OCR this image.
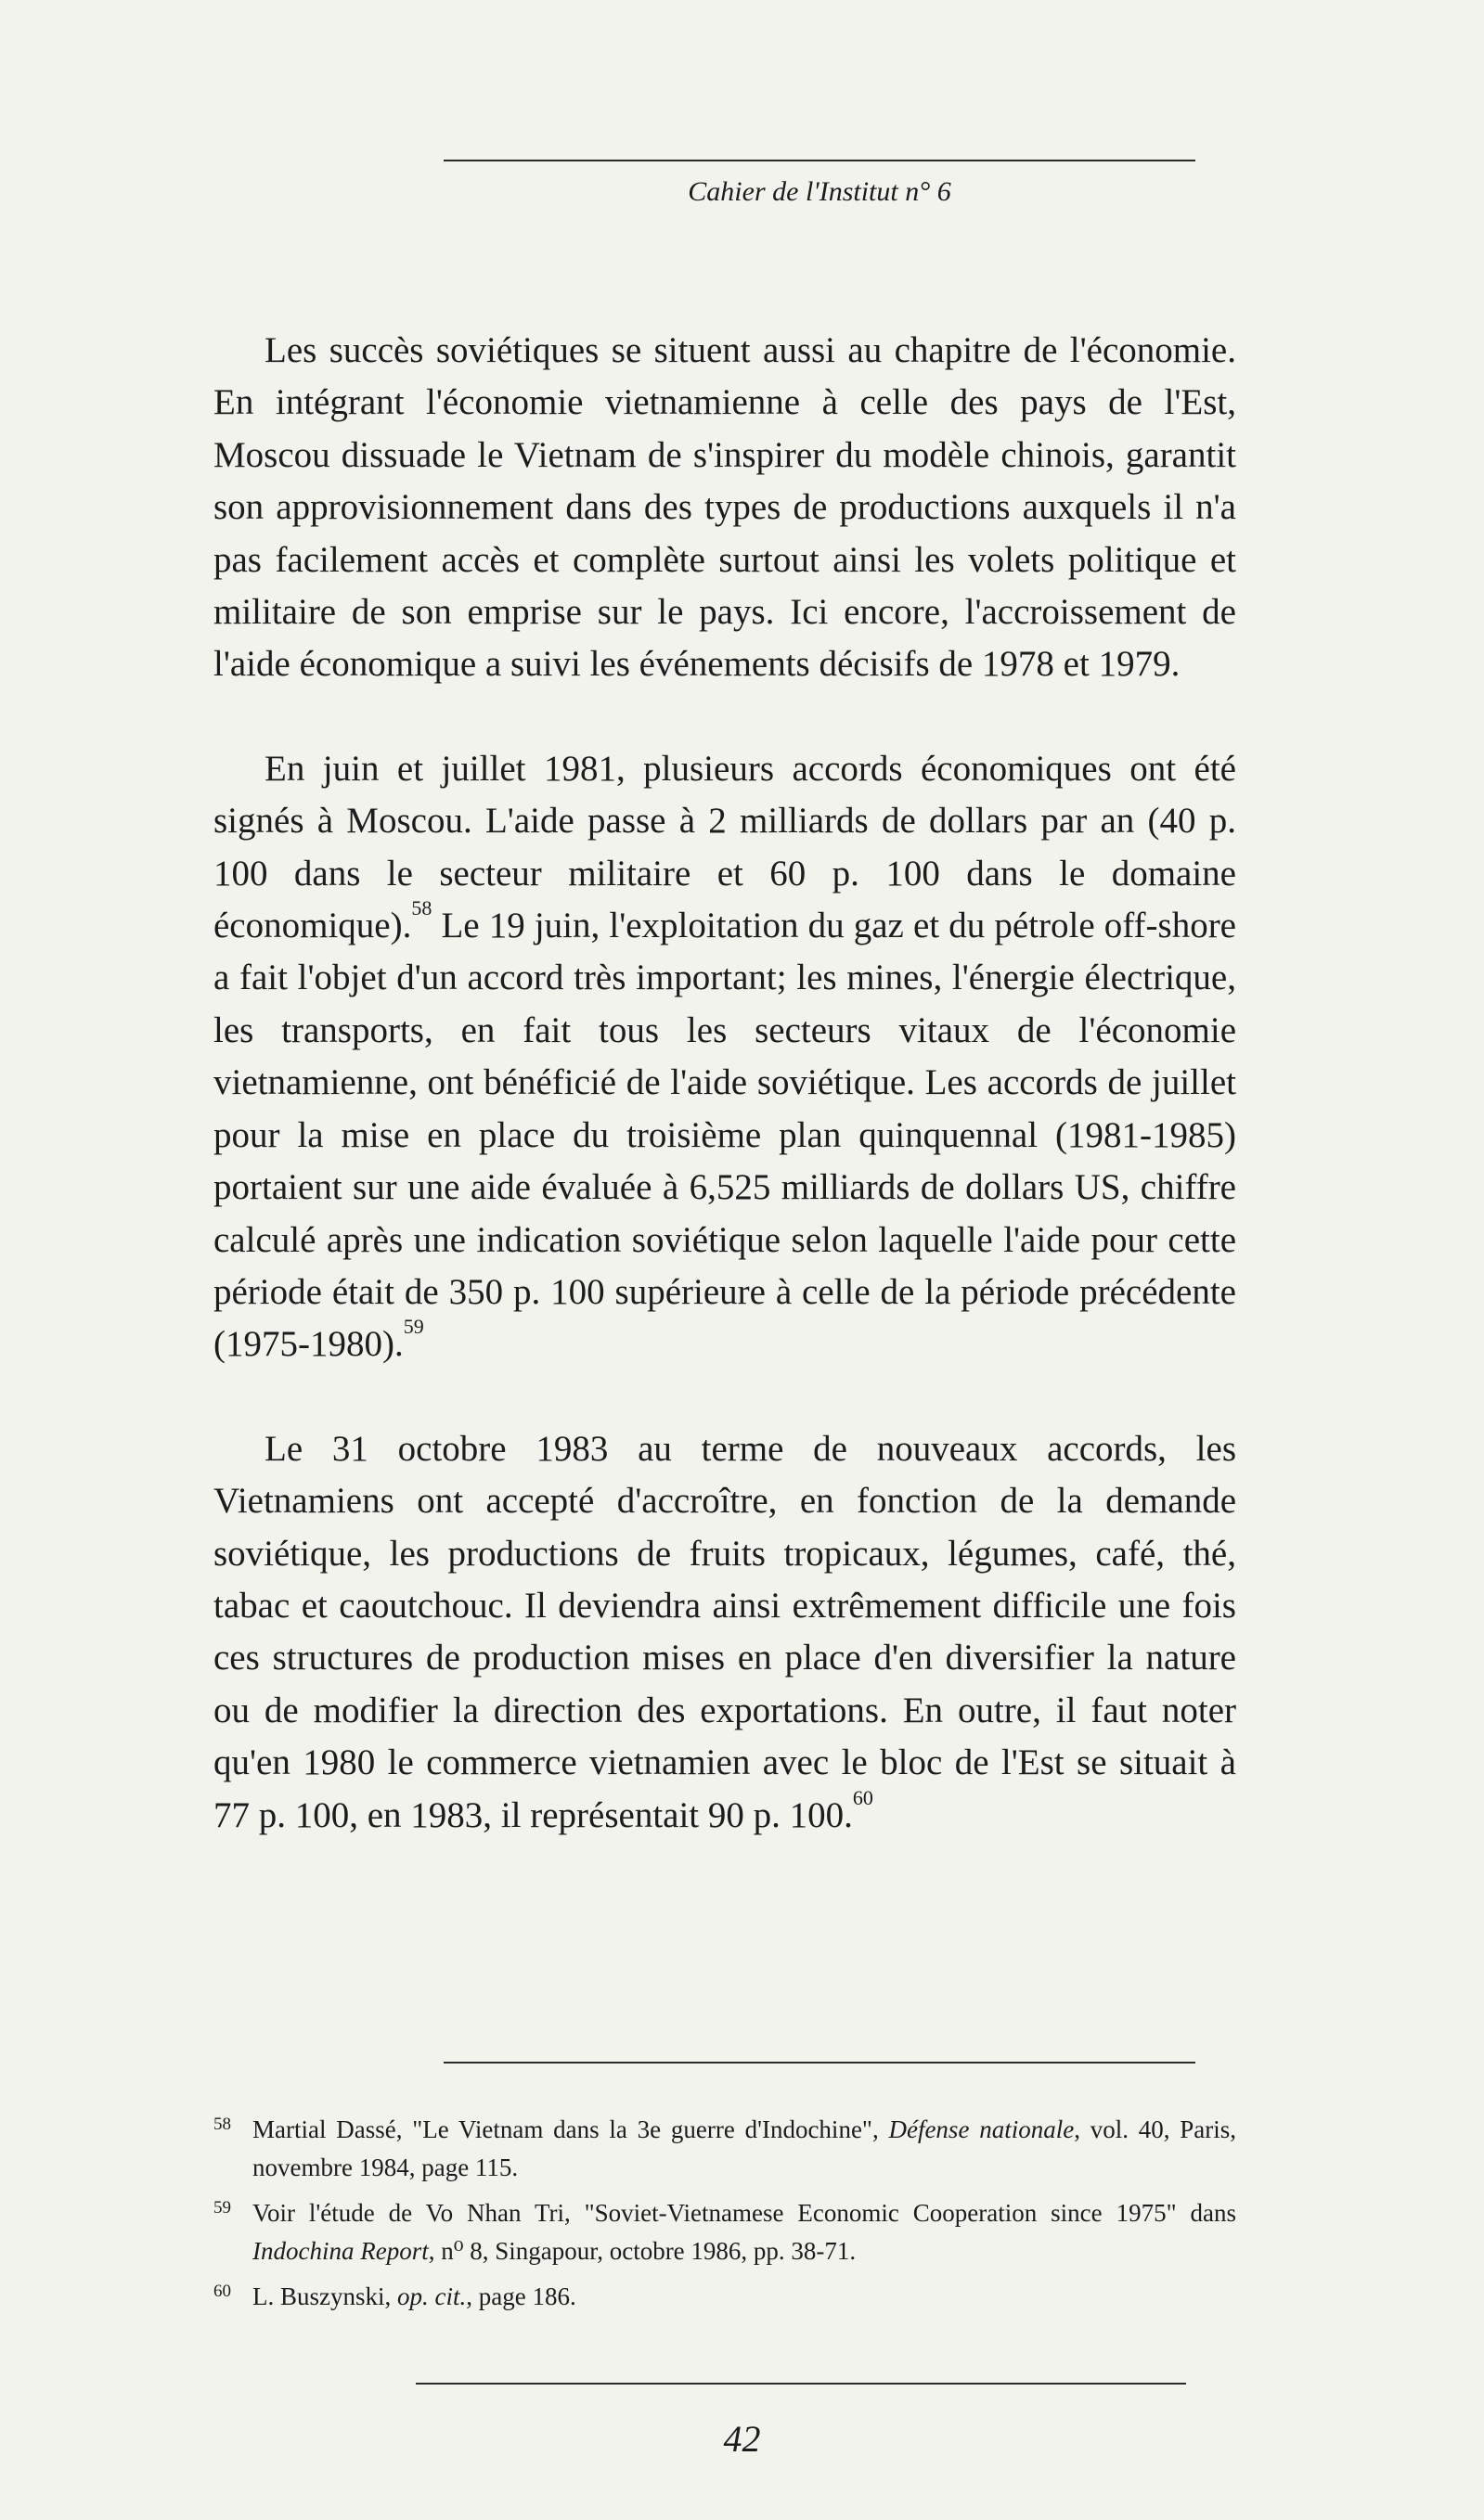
Cahier de l'Institut n° 6

Les succès soviétiques se situent aussi au chapitre de l'économie. En intégrant l'économie vietnamienne à celle des pays de l'Est, Moscou dissuade le Vietnam de s'inspirer du modèle chinois, garantit son approvisionnement dans des types de productions auxquels il n'a pas facilement accès et complète surtout ainsi les volets politique et militaire de son emprise sur le pays. Ici encore, l'accroissement de l'aide économique a suivi les événements décisifs de 1978 et 1979.

En juin et juillet 1981, plusieurs accords économiques ont été signés à Moscou. L'aide passe à 2 milliards de dollars par an (40 p. 100 dans le secteur militaire et 60 p. 100 dans le domaine économique).$^{58}$ Le 19 juin, l'exploitation du gaz et du pétrole off-shore a fait l'objet d'un accord très important; les mines, l'énergie électrique, les transports, en fait tous les secteurs vitaux de l'économie vietnamienne, ont bénéficié de l'aide soviétique. Les accords de juillet pour la mise en place du troisième plan quinquennal (1981-1985) portaient sur une aide évaluée à 6,525 milliards de dollars US, chiffre calculé après une indication soviétique selon laquelle l'aide pour cette période était de 350 p. 100 supérieure à celle de la période précédente (1975-1980).$^{59}$

Le 31 octobre 1983 au terme de nouveaux accords, les Vietnamiens ont accepté d'accroître, en fonction de la demande soviétique, les productions de fruits tropicaux, légumes, café, thé, tabac et caoutchouc. Il deviendra ainsi extrêmement difficile une fois ces structures de production mises en place d'en diversifier la nature ou de modifier la direction des exportations. En outre, il faut noter qu'en 1980 le commerce vietnamien avec le bloc de l'Est se situait à 77 p. 100, en 1983, il représentait 90 p. 100.60

58 Martial Dassé, "Le Vietnam dans la 3e guerre d'Indochine", Défense nationale, vol. 40, Paris, novembre 1984, page 115.
59 Voir l'étude de Vo Nhan Tri, "Soviet-Vietnamese Economic Cooperation since 1975" dans Indochina Report, n⁰ 8, Singapour, octobre 1986, pp. 38-71.
60 L. Buszynski, op. cit., page 186.
42
